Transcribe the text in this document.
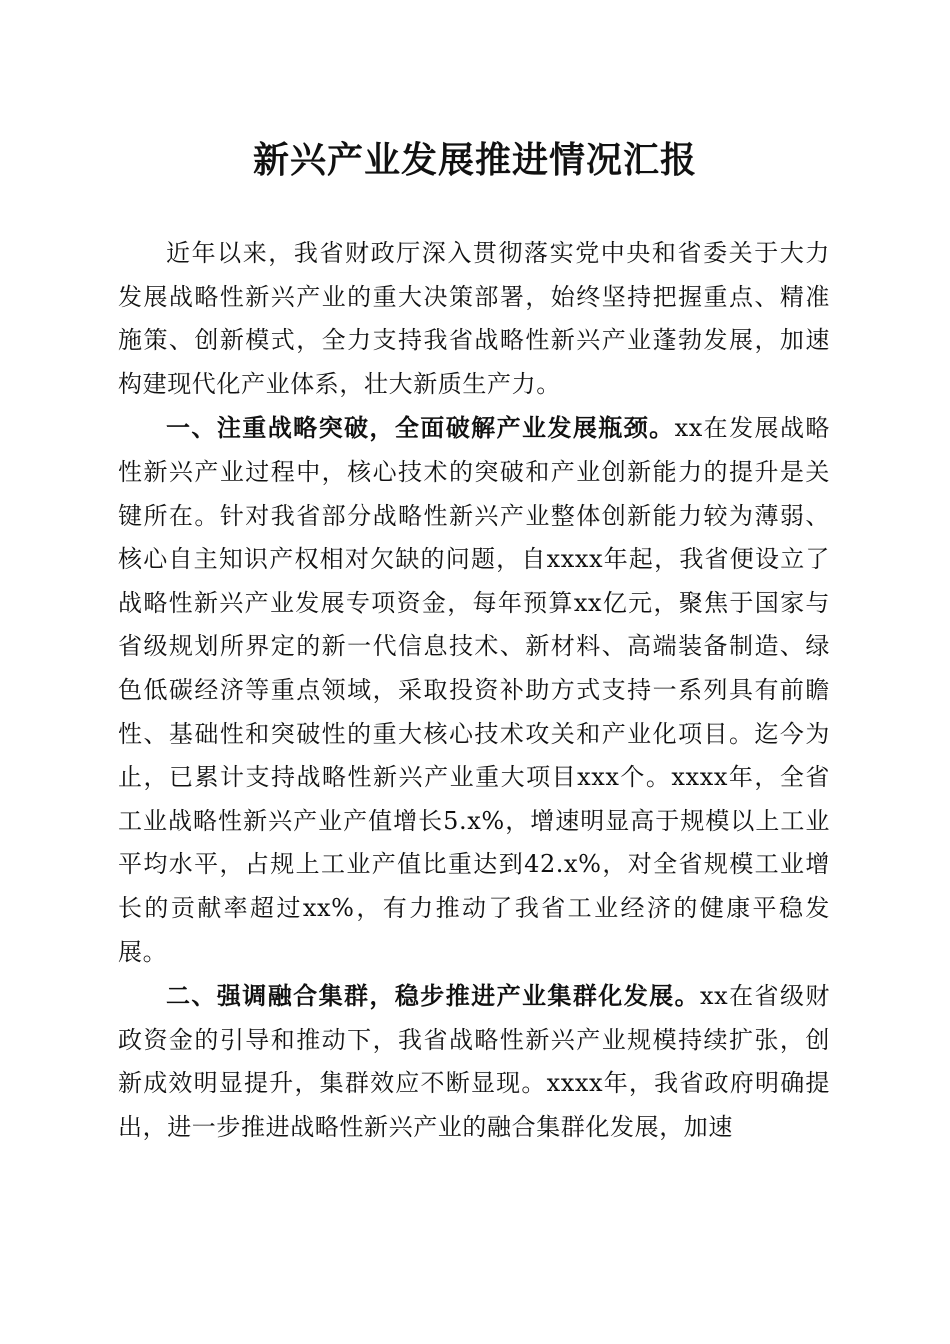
新兴产业发展推进情况汇报

近年以来，我省财政厅深入贯彻落实党中央和省委关于大力发展战略性新兴产业的重大决策部署，始终坚持把握重点、精准施策、创新模式，全力支持我省战略性新兴产业蓬勃发展，加速构建现代化产业体系，壮大新质生产力。

一、注重战略突破，全面破解产业发展瓶颈。xx在发展战略性新兴产业过程中，核心技术的突破和产业创新能力的提升是关键所在。针对我省部分战略性新兴产业整体创新能力较为薄弱、核心自主知识产权相对欠缺的问题，自xxxx年起，我省便设立了战略性新兴产业发展专项资金，每年预算xx亿元，聚焦于国家与省级规划所界定的新一代信息技术、新材料、高端装备制造、绿色低碳经济等重点领域，采取投资补助方式支持一系列具有前瞻性、基础性和突破性的重大核心技术攻关和产业化项目。迄今为止，已累计支持战略性新兴产业重大项目xxx个。xxxx年，全省工业战略性新兴产业产值增长5.x%，增速明显高于规模以上工业平均水平，占规上工业产值比重达到42.x%，对全省规模工业增长的贡献率超过xx%，有力推动了我省工业经济的健康平稳发展。

二、强调融合集群，稳步推进产业集群化发展。xx在省级财政资金的引导和推动下，我省战略性新兴产业规模持续扩张，创新成效明显提升，集群效应不断显现。xxxx年，我省政府明确提出，进一步推进战略性新兴产业的融合集群化发展，加速
